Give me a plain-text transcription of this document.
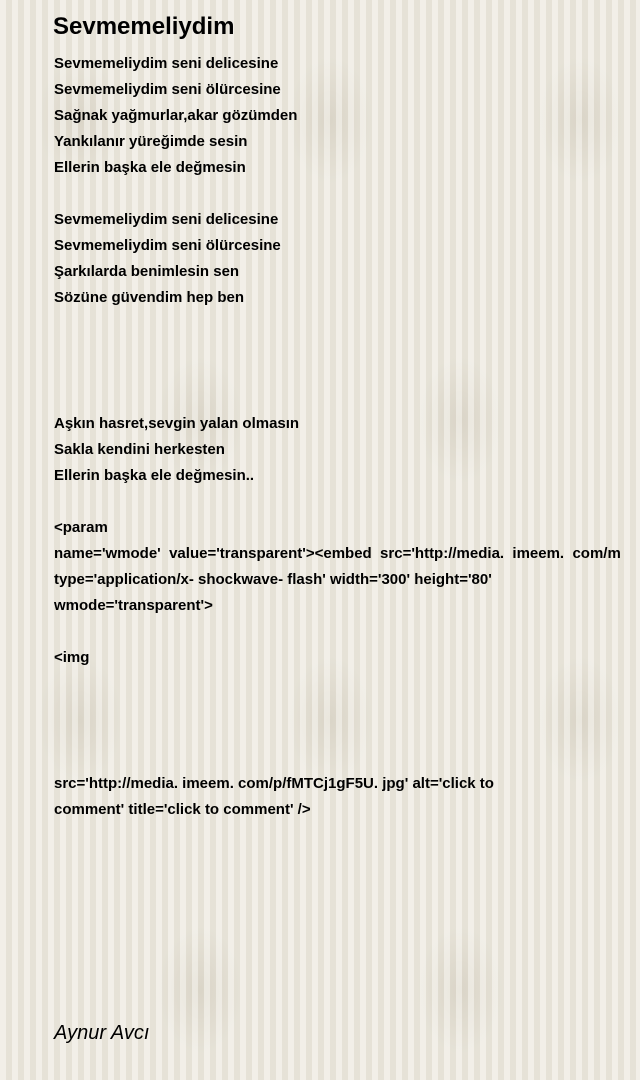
Sevmemeliydim
Sevmemeliydim seni delicesine
Sevmemeliydim seni ölürcesine
Sağnak yağmurlar,akar gözümden
Yankılanır yüreğimde sesin
Ellerin başka ele değmesin
Sevmemeliydim seni delicesine
Sevmemeliydim seni ölürcesine
Şarkılarda benimlesin sen
Sözüne güvendim hep ben
Aşkın hasret,sevgin yalan olmasın
Sakla kendini herkesten
Ellerin başka ele değmesin..
<param
name='wmode'  value='transparent'><embed  src='http://media.  imeem.  com/m
type='application/x- shockwave- flash' width='300' height='80'
wmode='transparent'>
<img
src='http://media. imeem. com/p/fMTCj1gF5U. jpg' alt='click to
comment' title='click to comment' />
Aynur Avcı
